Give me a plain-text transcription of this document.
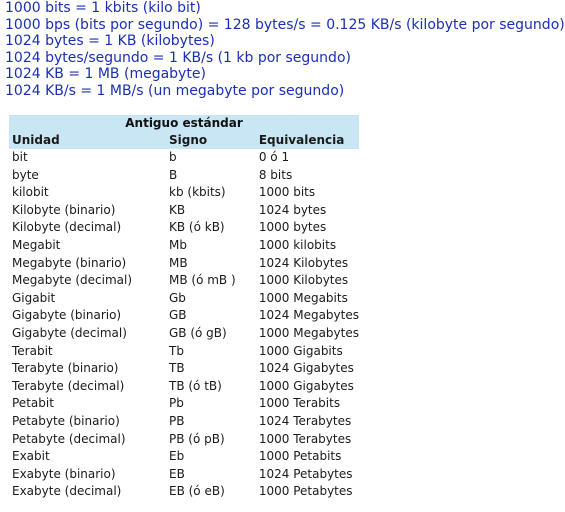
1000 bits = 1 kbits (kilo bit)
1000 bps (bits por segundo) = 128 bytes/s = 0.125 KB/s (kilobyte por segundo)
1024 bytes = 1 KB (kilobytes)
1024 bytes/segundo = 1 KB/s (1 kb por segundo)
1024 KB = 1 MB (megabyte)
1024 KB/s = 1 MB/s (un megabyte por segundo)
Antiguo estándar
Unidad	Signo	Equivalencia
bit	b	0 ó 1
byte	B	8 bits
kilobit	kb (kbits)	1000 bits
Kilobyte (binario)	KB	1024 bytes
Kilobyte (decimal)	KB (ó kB)	1000 bytes
Megabit	Mb	1000 kilobits
Megabyte (binario)	MB	1024 Kilobytes
Megabyte (decimal)	MB (ó mB )	1000 Kilobytes
Gigabit	Gb	1000 Megabits
Gigabyte (binario)	GB	1024 Megabytes
Gigabyte (decimal)	GB (ó gB)	1000 Megabytes
Terabit	Tb	1000 Gigabits
Terabyte (binario)	TB	1024 Gigabytes
Terabyte (decimal)	TB (ó tB)	1000 Gigabytes
Petabit	Pb	1000 Terabits
Petabyte (binario)	PB	1024 Terabytes
Petabyte (decimal)	PB (ó pB)	1000 Terabytes
Exabit	Eb	1000 Petabits
Exabyte (binario)	EB	1024 Petabytes
Exabyte (decimal)	EB (ó eB)	1000 Petabytes
